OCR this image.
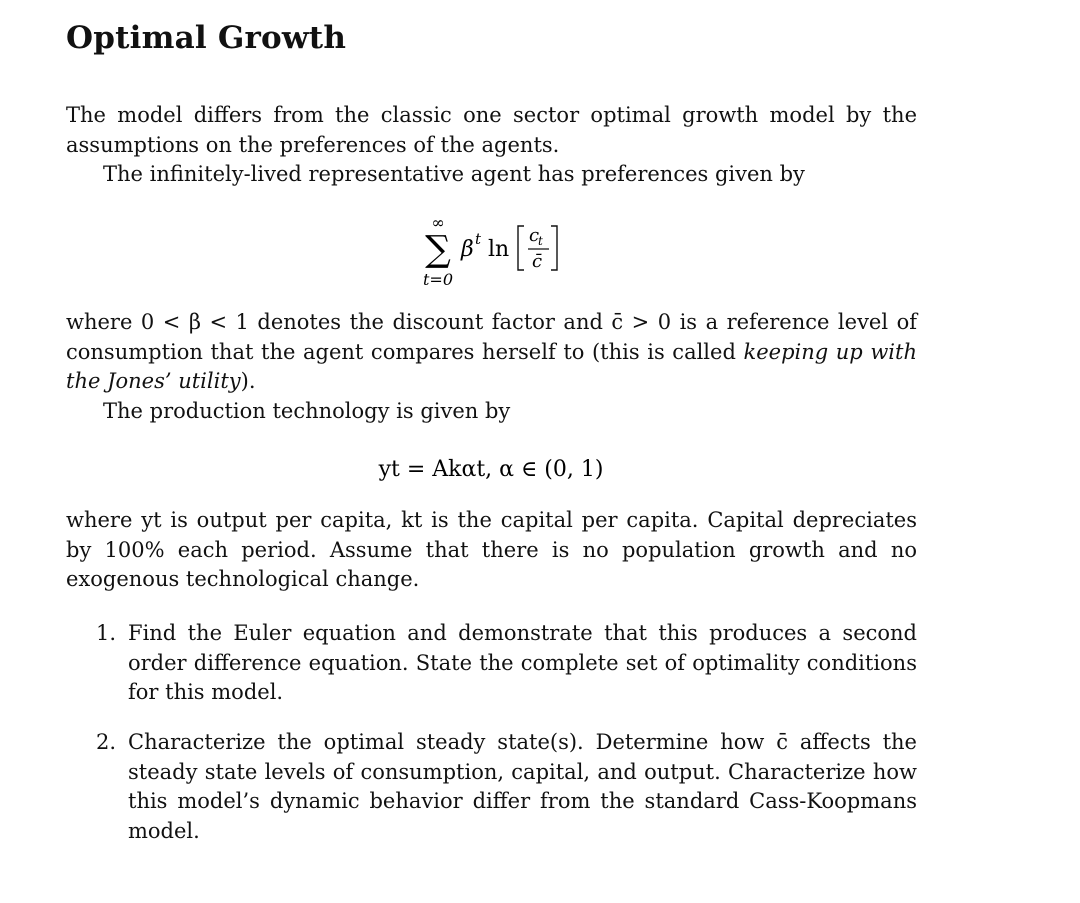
Optimal Growth
The model differs from the classic one sector optimal growth model by the assumptions on the preferences of the agents.
The infinitely-lived representative agent has preferences given by
∞
∑
t=0
β t ln
c
t
c̄
where 0 < β < 1 denotes the discount factor and c̄ > 0 is a reference level of consumption that the agent compares herself to (this is called keeping up with the Jones’ utility).
The production technology is given by
yt = Akαt, α ∈ (0, 1)
where yt is output per capita, kt is the capital per capita. Capital depreciates by 100% each period. Assume that there is no population growth and no exogenous technological change.
1. Find the Euler equation and demonstrate that this produces a second order difference equation. State the complete set of optimality conditions for this model.
2. Characterize the optimal steady state(s). Determine how c̄ affects the steady state levels of consumption, capital, and output. Characterize how this model’s dynamic behavior differ from the standard Cass-Koopmans model.
